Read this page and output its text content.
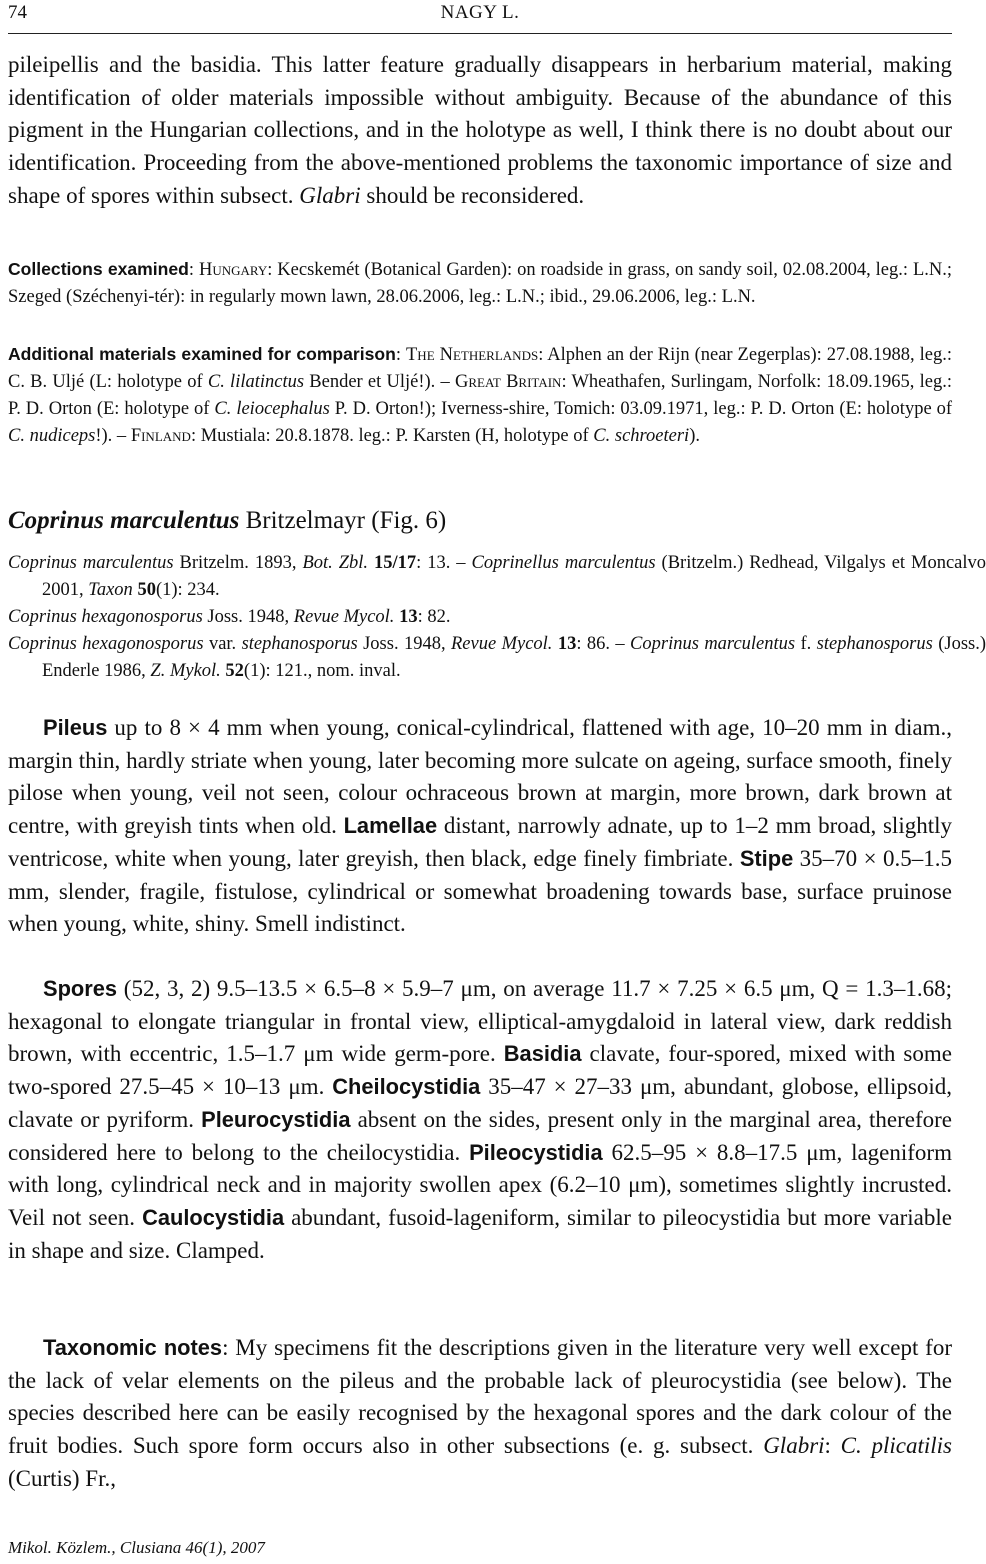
74	NAGY L.

pileipellis and the basidia. This latter feature gradually disappears in herbarium material, making identification of older materials impossible without ambiguity. Because of the abundance of this pigment in the Hungarian collections, and in the holotype as well, I think there is no doubt about our identification. Proceeding from the above-mentioned problems the taxonomic importance of size and shape of spores within subsect. Glabri should be reconsidered.

Collections examined: Hungary: Kecskemét (Botanical Garden): on roadside in grass, on sandy soil, 02.08.2004, leg.: L.N.; Szeged (Széchenyi-tér): in regularly mown lawn, 28.06.2006, leg.: L.N.; ibid., 29.06.2006, leg.: L.N.

Additional materials examined for comparison: The Netherlands: Alphen an der Rijn (near Zegerplas): 27.08.1988, leg.: C. B. Uljé (L: holotype of C. lilatinctus Bender et Uljé!). – Great Britain: Wheathafen, Surlingam, Norfolk: 18.09.1965, leg.: P. D. Orton (E: holotype of C. leiocephalus P. D. Orton!); Iverness-shire, Tomich: 03.09.1971, leg.: P. D. Orton (E: holotype of C. nudiceps!). – Finland: Mustiala: 20.8.1878. leg.: P. Karsten (H, holotype of C. schroeteri).

Coprinus marculentus Britzelmayr (Fig. 6)

Coprinus marculentus Britzelm. 1893, Bot. Zbl. 15/17: 13. – Coprinellus marculentus (Britzelm.) Redhead, Vilgalys et Moncalvo 2001, Taxon 50(1): 234.

Coprinus hexagonosporus Joss. 1948, Revue Mycol. 13: 82.

Coprinus hexagonosporus var. stephanosporus Joss. 1948, Revue Mycol. 13: 86. – Coprinus marculentus f. stephanosporus (Joss.) Enderle 1986, Z. Mykol. 52(1): 121., nom. inval.

Pileus up to 8 × 4 mm when young, conical-cylindrical, flattened with age, 10–20 mm in diam., margin thin, hardly striate when young, later becoming more sulcate on ageing, surface smooth, finely pilose when young, veil not seen, colour ochraceous brown at margin, more brown, dark brown at centre, with greyish tints when old. Lamellae distant, narrowly adnate, up to 1–2 mm broad, slightly ventricose, white when young, later greyish, then black, edge finely fimbriate. Stipe 35–70 × 0.5–1.5 mm, slender, fragile, fistulose, cylindrical or somewhat broadening towards base, surface pruinose when young, white, shiny. Smell indistinct.

Spores (52, 3, 2) 9.5–13.5 × 6.5–8 × 5.9–7 μm, on average 11.7 × 7.25 × 6.5 μm, Q = 1.3–1.68; hexagonal to elongate triangular in frontal view, elliptical-amygdaloid in lateral view, dark reddish brown, with eccentric, 1.5–1.7 μm wide germ-pore. Basidia clavate, four-spored, mixed with some two-spored 27.5–45 × 10–13 μm. Cheilocystidia 35–47 × 27–33 μm, abundant, globose, ellipsoid, clavate or pyriform. Pleurocystidia absent on the sides, present only in the marginal area, therefore considered here to belong to the cheilocystidia. Pileocystidia 62.5–95 × 8.8–17.5 μm, lageniform with long, cylindrical neck and in majority swollen apex (6.2–10 μm), sometimes slightly incrusted. Veil not seen. Caulocystidia abundant, fusoid-lageniform, similar to pileocystidia but more variable in shape and size. Clamped.

Taxonomic notes: My specimens fit the descriptions given in the literature very well except for the lack of velar elements on the pileus and the probable lack of pleurocystidia (see below). The species described here can be easily recognised by the hexagonal spores and the dark colour of the fruit bodies. Such spore form occurs also in other subsections (e. g. subsect. Glabri: C. plicatilis (Curtis) Fr.,

Mikol. Közlem., Clusiana 46(1), 2007
